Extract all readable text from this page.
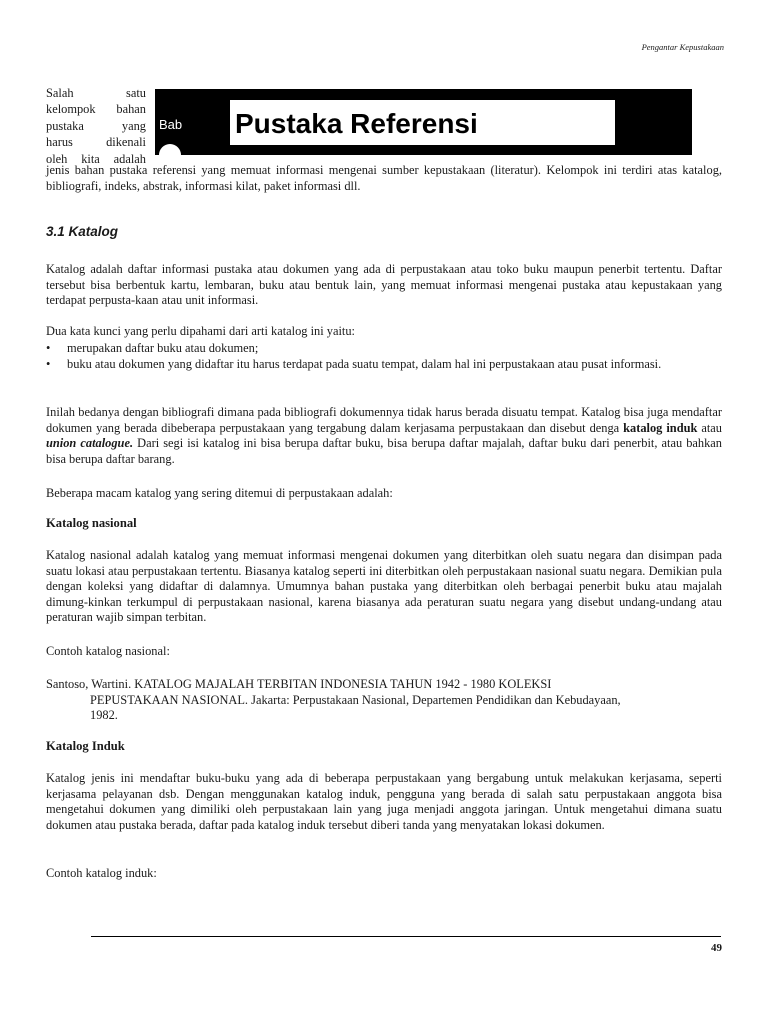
Pengantar Kepustakaan
Bab Pustaka Referensi
Salah satu
kelompok bahan
pustaka yang
harus dikenali
oleh kita adalah
jenis bahan pustaka referensi yang memuat informasi mengenai sumber kepustakaan (literatur). Kelompok ini terdiri atas katalog, bibliografi, indeks, abstrak, informasi kilat, paket informasi dll.
3.1 Katalog
Katalog adalah daftar informasi pustaka atau dokumen yang ada di perpustakaan atau toko buku maupun penerbit tertentu. Daftar tersebut bisa berbentuk kartu, lembaran, buku atau bentuk lain, yang memuat informasi mengenai pustaka atau kepustakaan yang terdapat perpusta-kaan atau unit informasi.
Dua kata kunci yang perlu dipahami dari arti katalog ini yaitu:
• merupakan daftar buku atau dokumen;
• buku atau dokumen yang didaftar itu harus terdapat pada suatu tempat, dalam hal ini perpustakaan atau pusat informasi.
Inilah bedanya dengan bibliografi dimana pada bibliografi dokumennya tidak harus berada disuatu tempat. Katalog bisa juga mendaftar dokumen yang berada dibeberapa perpustakaan yang tergabung dalam kerjasama perpustakaan dan disebut denga katalog induk atau union catalogue. Dari segi isi katalog ini bisa berupa daftar buku, bisa berupa daftar majalah, daftar buku dari penerbit, atau bahkan bisa berupa daftar barang.
Beberapa macam katalog yang sering ditemui di perpustakaan adalah:
Katalog nasional
Katalog nasional adalah katalog yang memuat informasi mengenai dokumen yang diterbitkan oleh suatu negara dan disimpan pada suatu lokasi atau perpustakaan tertentu. Biasanya katalog seperti ini diterbitkan oleh perpustakaan nasional suatu negara. Demikian pula dengan koleksi yang didaftar di dalamnya. Umumnya bahan pustaka yang diterbitkan oleh berbagai penerbit buku atau majalah dimung-kinkan terkumpul di perpustakaan nasional, karena biasanya ada peraturan suatu negara yang disebut undang-undang atau peraturan wajib simpan terbitan.
Contoh katalog nasional:
Santoso, Wartini. KATALOG MAJALAH TERBITAN INDONESIA TAHUN 1942 - 1980 KOLEKSI
PEPUSTAKAAN NASIONAL. Jakarta: Perpustakaan Nasional, Departemen Pendidikan dan Kebudayaan,
1982.
Katalog Induk
Katalog jenis ini mendaftar buku-buku yang ada di beberapa perpustakaan yang bergabung untuk melakukan kerjasama, seperti kerjasama pelayanan dsb. Dengan menggunakan katalog induk, pengguna yang berada di salah satu perpustakaan anggota bisa mengetahui dokumen yang dimiliki oleh perpustakaan lain yang juga menjadi anggota jaringan. Untuk mengetahui dimana suatu dokumen atau pustaka berada, daftar pada katalog induk tersebut diberi tanda yang menyatakan lokasi dokumen.
Contoh katalog induk:
49
